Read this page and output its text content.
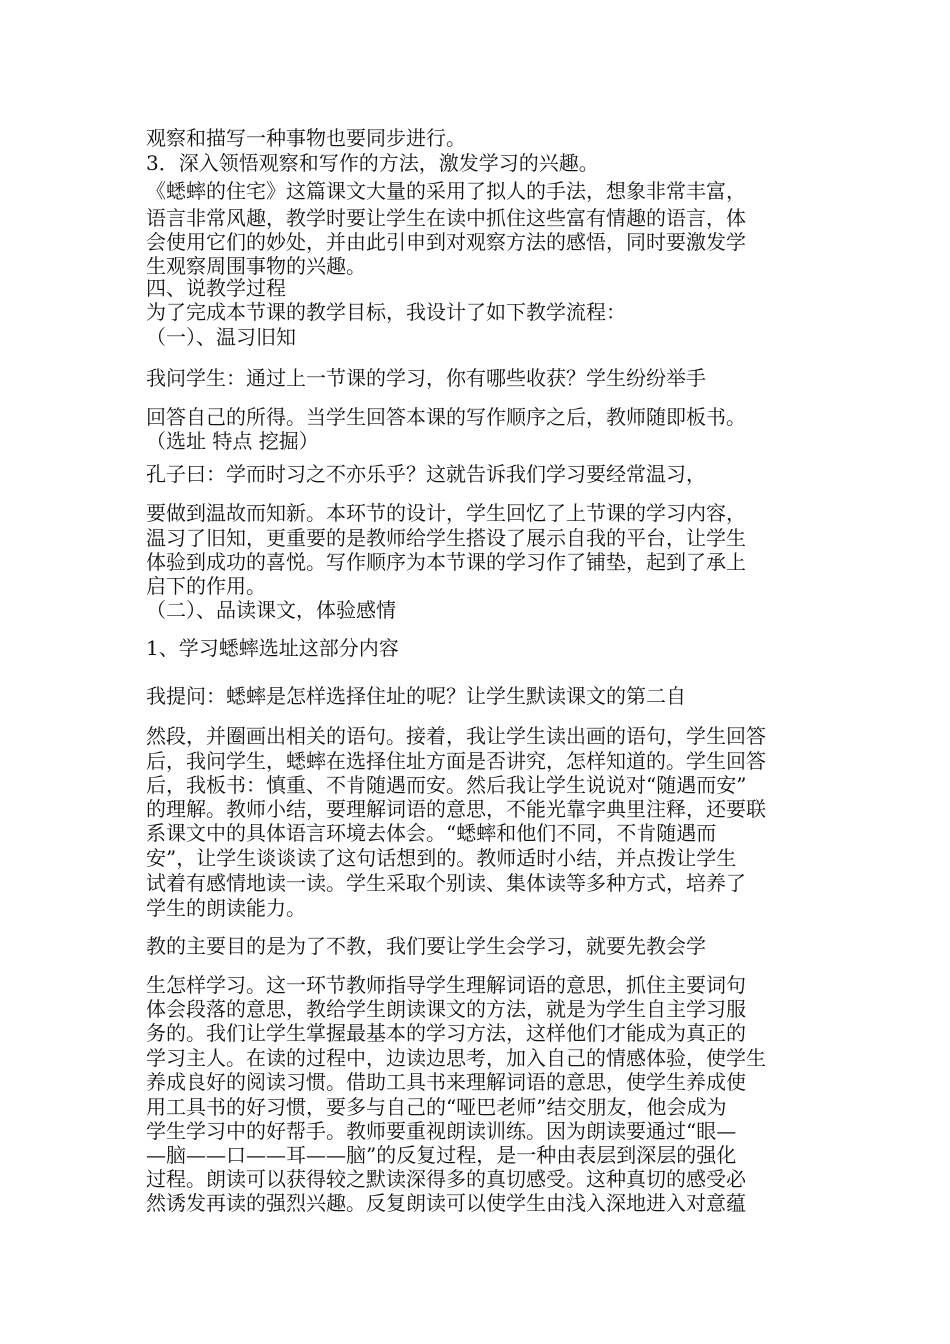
观察和描写一种事物也要同步进行。
3．深入领悟观察和写作的方法，激发学习的兴趣。
《蟋蟀的住宅》这篇课文大量的采用了拟人的手法，想象非常丰富，
语言非常风趣，教学时要让学生在读中抓住这些富有情趣的语言，体
会使用它们的妙处，并由此引申到对观察方法的感悟，同时要激发学
生观察周围事物的兴趣。
四、说教学过程
为了完成本节课的教学目标，我设计了如下教学流程：
（一）、温习旧知
我问学生：通过上一节课的学习，你有哪些收获？学生纷纷举手
回答自己的所得。当学生回答本课的写作顺序之后，教师随即板书。
（选址 特点 挖掘）
孔子曰：学而时习之不亦乐乎？这就告诉我们学习要经常温习，
要做到温故而知新。本环节的设计，学生回忆了上节课的学习内容，
温习了旧知，更重要的是教师给学生搭设了展示自我的平台，让学生
体验到成功的喜悦。写作顺序为本节课的学习作了铺垫，起到了承上
启下的作用。
（二）、品读课文，体验感情
1、学习蟋蟀选址这部分内容
我提问：蟋蟀是怎样选择住址的呢？让学生默读课文的第二自
然段，并圈画出相关的语句。接着，我让学生读出画的语句，学生回答
后，我问学生，蟋蟀在选择住址方面是否讲究，怎样知道的。学生回答
后，我板书：慎重、不肯随遇而安。然后我让学生说说对“随遇而安”
的理解。教师小结，要理解词语的意思，不能光靠字典里注释，还要联
系课文中的具体语言环境去体会。“蟋蟀和他们不同，不肯随遇而
安”，让学生谈谈读了这句话想到的。教师适时小结，并点拨让学生
试着有感情地读一读。学生采取个别读、集体读等多种方式，培养了
学生的朗读能力。
教的主要目的是为了不教，我们要让学生会学习，就要先教会学
生怎样学习。这一环节教师指导学生理解词语的意思，抓住主要词句
体会段落的意思，教给学生朗读课文的方法，就是为学生自主学习服
务的。我们让学生掌握最基本的学习方法，这样他们才能成为真正的
学习主人。在读的过程中，边读边思考，加入自己的情感体验，使学生
养成良好的阅读习惯。借助工具书来理解词语的意思，使学生养成使
用工具书的好习惯，要多与自己的“哑巴老师”结交朋友，他会成为
学生学习中的好帮手。教师要重视朗读训练。因为朗读要通过“眼—
—脑——口——耳——脑”的反复过程，是一种由表层到深层的强化
过程。朗读可以获得较之默读深得多的真切感受。这种真切的感受必
然诱发再读的强烈兴趣。反复朗读可以使学生由浅入深地进入对意蕴
